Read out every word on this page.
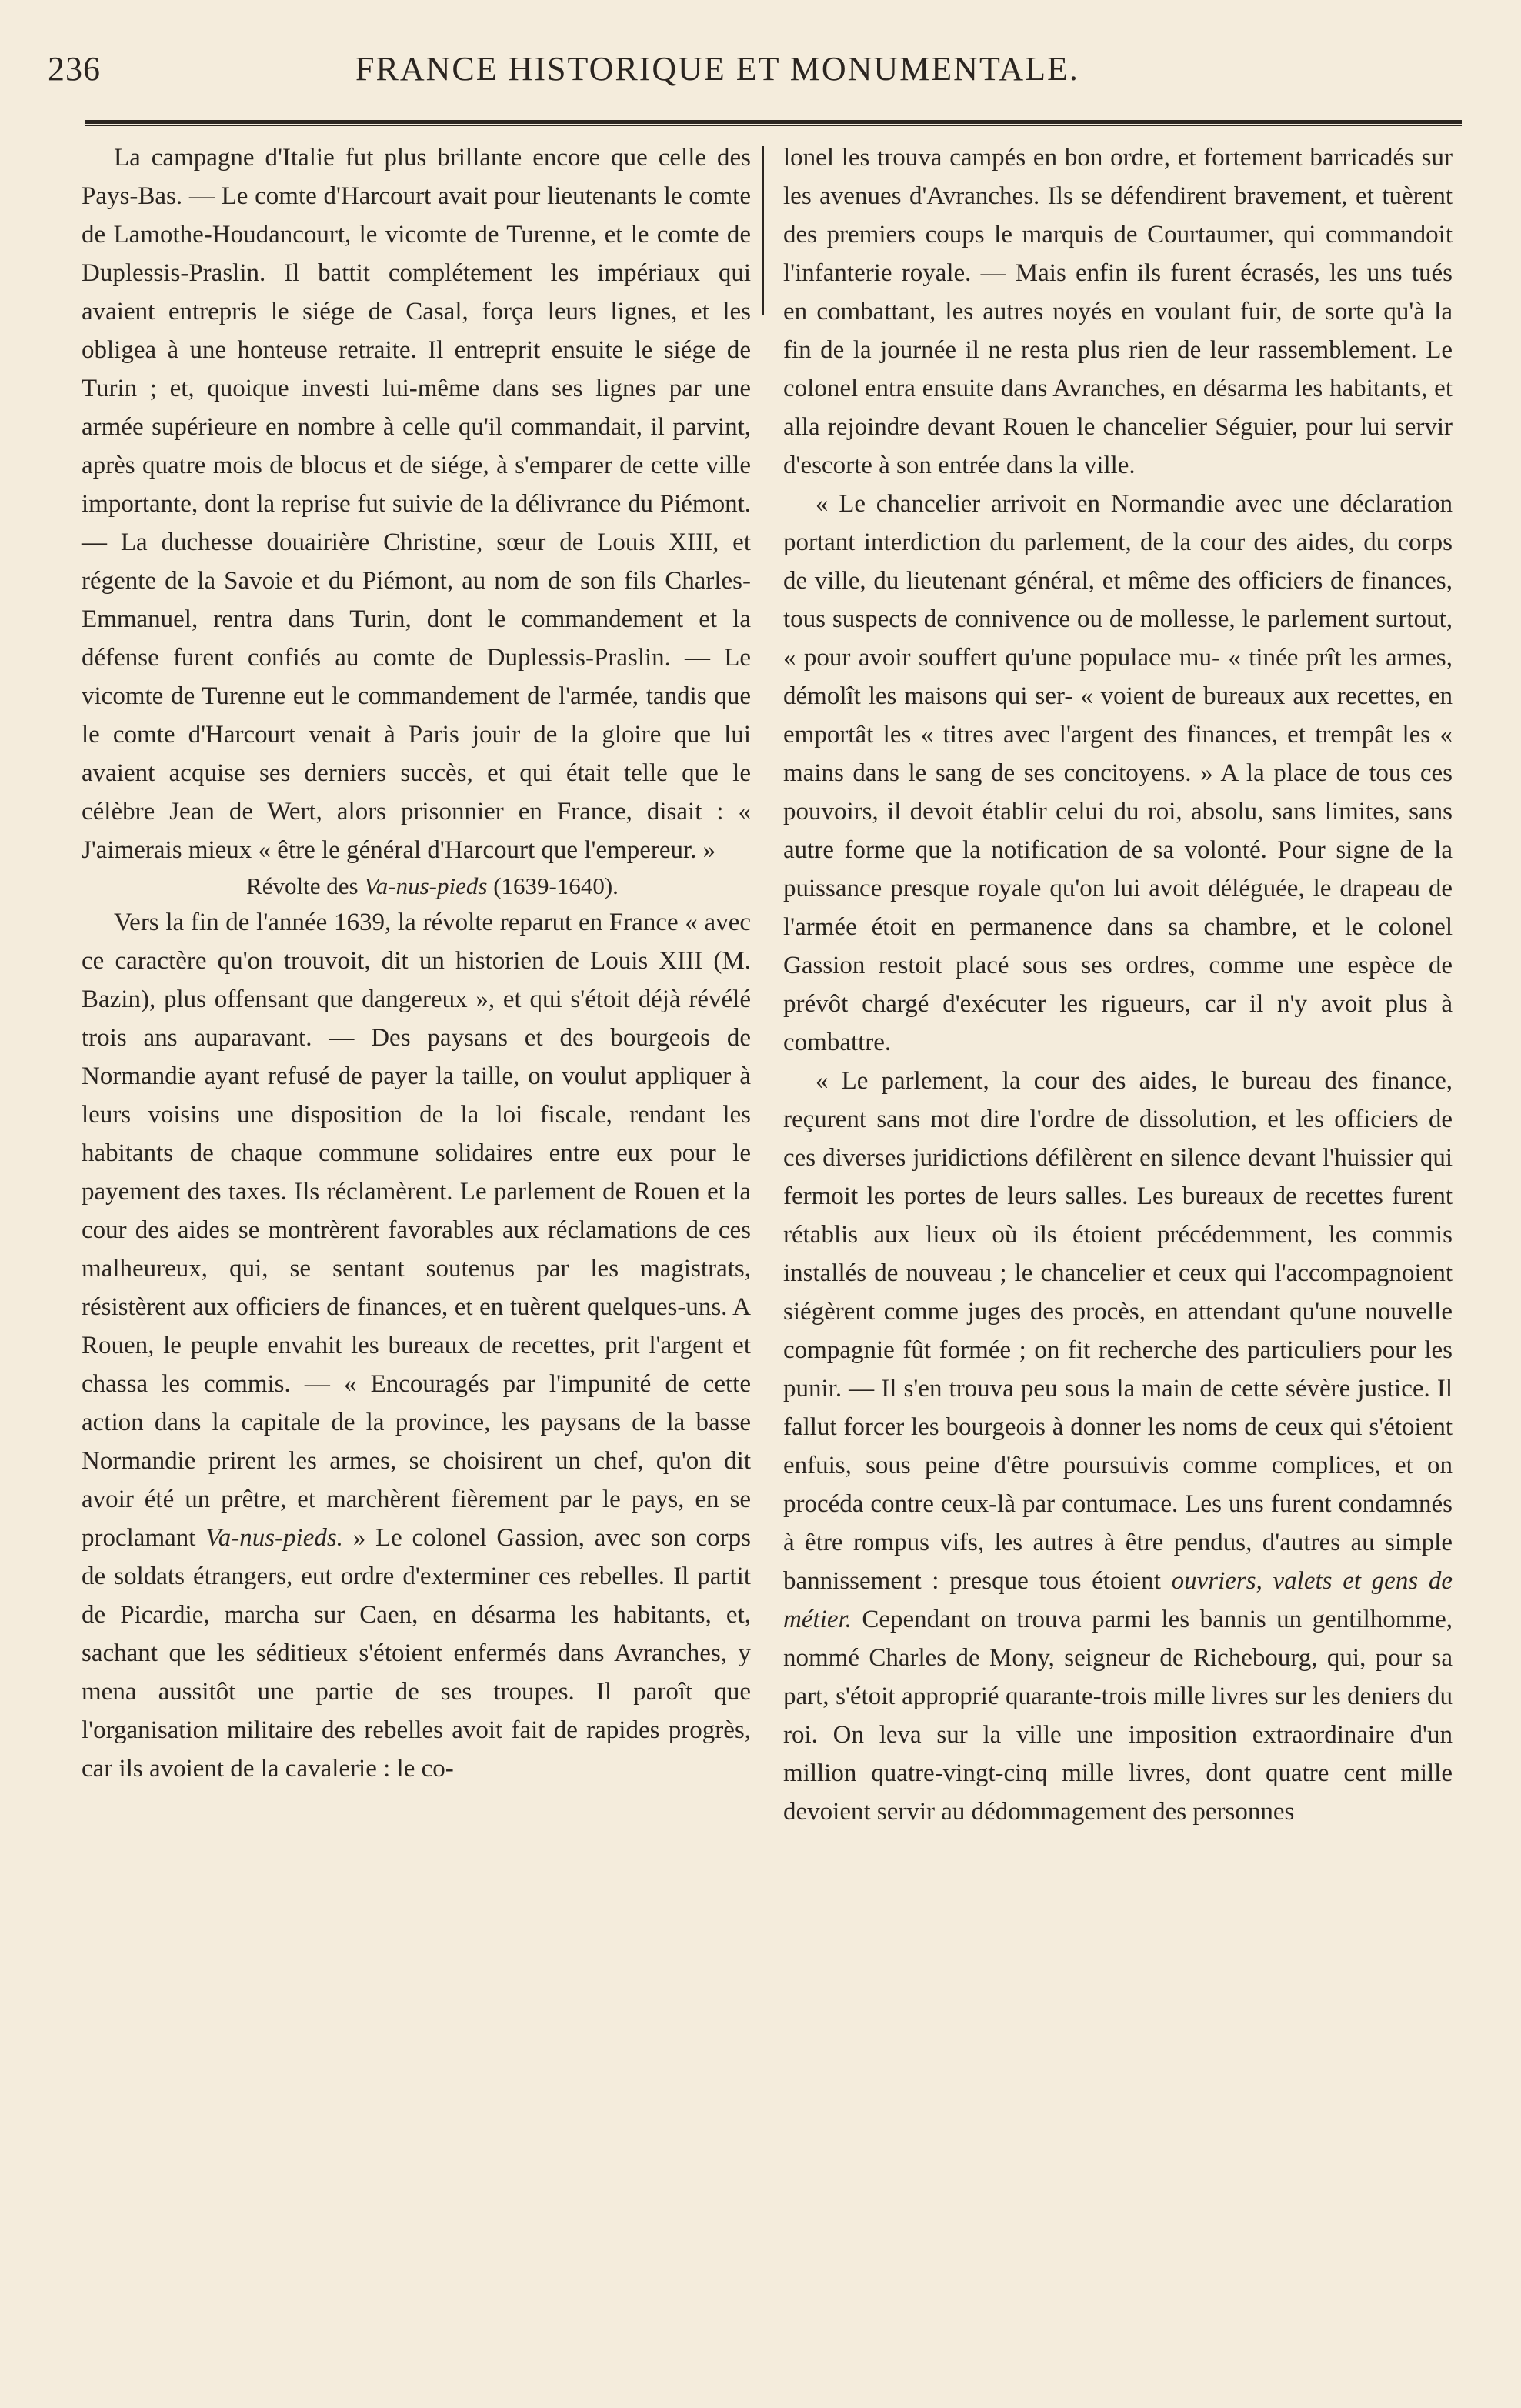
236	FRANCE HISTORIQUE ET MONUMENTALE.

La campagne d'Italie fut plus brillante encore que celle des Pays-Bas. — Le comte d'Harcourt avait pour lieutenants le comte de Lamothe-Houdancourt, le vicomte de Turenne, et le comte de Duplessis-Praslin. Il battit complétement les impériaux qui avaient entrepris le siége de Casal, força leurs lignes, et les obligea à une honteuse retraite. Il entreprit ensuite le siége de Turin ; et, quoique investi lui-même dans ses lignes par une armée supérieure en nombre à celle qu'il commandait, il parvint, après quatre mois de blocus et de siége, à s'emparer de cette ville importante, dont la reprise fut suivie de la délivrance du Piémont. — La duchesse douairière Christine, sœur de Louis XIII, et régente de la Savoie et du Piémont, au nom de son fils Charles-Emmanuel, rentra dans Turin, dont le commandement et la défense furent confiés au comte de Duplessis-Praslin. — Le vicomte de Turenne eut le commandement de l'armée, tandis que le comte d'Harcourt venait à Paris jouir de la gloire que lui avaient acquise ses derniers succès, et qui était telle que le célèbre Jean de Wert, alors prisonnier en France, disait : « J'aimerais mieux « être le général d'Harcourt que l'empereur. »

Révolte des Va-nus-pieds (1639-1640).

Vers la fin de l'année 1639, la révolte reparut en France « avec ce caractère qu'on trouvoit, dit un historien de Louis XIII (M. Bazin), plus offensant que dangereux », et qui s'étoit déjà révélé trois ans auparavant. — Des paysans et des bourgeois de Normandie ayant refusé de payer la taille, on voulut appliquer à leurs voisins une disposition de la loi fiscale, rendant les habitants de chaque commune solidaires entre eux pour le payement des taxes. Ils réclamèrent. Le parlement de Rouen et la cour des aides se montrèrent favorables aux réclamations de ces malheureux, qui, se sentant soutenus par les magistrats, résistèrent aux officiers de finances, et en tuèrent quelques-uns. A Rouen, le peuple envahit les bureaux de recettes, prit l'argent et chassa les commis. — « Encouragés par l'impunité de cette action dans la capitale de la province, les paysans de la basse Normandie prirent les armes, se choisirent un chef, qu'on dit avoir été un prêtre, et marchèrent fièrement par le pays, en se proclamant Va-nus-pieds. » Le colonel Gassion, avec son corps de soldats étrangers, eut ordre d'exterminer ces rebelles. Il partit de Picardie, marcha sur Caen, en désarma les habitants, et, sachant que les séditieux s'étoient enfermés dans Avranches, y mena aussitôt une partie de ses troupes. Il paroît que l'organisation militaire des rebelles avoit fait de rapides progrès, car ils avoient de la cavalerie : le co-

lonel les trouva campés en bon ordre, et fortement barricadés sur les avenues d'Avranches. Ils se défendirent bravement, et tuèrent des premiers coups le marquis de Courtaumer, qui commandoit l'infanterie royale. — Mais enfin ils furent écrasés, les uns tués en combattant, les autres noyés en voulant fuir, de sorte qu'à la fin de la journée il ne resta plus rien de leur rassemblement. Le colonel entra ensuite dans Avranches, en désarma les habitants, et alla rejoindre devant Rouen le chancelier Séguier, pour lui servir d'escorte à son entrée dans la ville.

« Le chancelier arrivoit en Normandie avec une déclaration portant interdiction du parlement, de la cour des aides, du corps de ville, du lieutenant général, et même des officiers de finances, tous suspects de connivence ou de mollesse, le parlement surtout, « pour avoir souffert qu'une populace mu- « tinée prît les armes, démolît les maisons qui ser- « voient de bureaux aux recettes, en emportât les « titres avec l'argent des finances, et trempât les « mains dans le sang de ses concitoyens. » A la place de tous ces pouvoirs, il devoit établir celui du roi, absolu, sans limites, sans autre forme que la notification de sa volonté. Pour signe de la puissance presque royale qu'on lui avoit déléguée, le drapeau de l'armée étoit en permanence dans sa chambre, et le colonel Gassion restoit placé sous ses ordres, comme une espèce de prévôt chargé d'exécuter les rigueurs, car il n'y avoit plus à combattre.

« Le parlement, la cour des aides, le bureau des finance, reçurent sans mot dire l'ordre de dissolution, et les officiers de ces diverses juridictions défilèrent en silence devant l'huissier qui fermoit les portes de leurs salles. Les bureaux de recettes furent rétablis aux lieux où ils étoient précédemment, les commis installés de nouveau ; le chancelier et ceux qui l'accompagnoient siégèrent comme juges des procès, en attendant qu'une nouvelle compagnie fût formée ; on fit recherche des particuliers pour les punir. — Il s'en trouva peu sous la main de cette sévère justice. Il fallut forcer les bourgeois à donner les noms de ceux qui s'étoient enfuis, sous peine d'être poursuivis comme complices, et on procéda contre ceux-là par contumace. Les uns furent condamnés à être rompus vifs, les autres à être pendus, d'autres au simple bannissement : presque tous étoient ouvriers, valets et gens de métier. Cependant on trouva parmi les bannis un gentilhomme, nommé Charles de Mony, seigneur de Richebourg, qui, pour sa part, s'étoit approprié quarante-trois mille livres sur les deniers du roi. On leva sur la ville une imposition extraordinaire d'un million quatre-vingt-cinq mille livres, dont quatre cent mille devoient servir au dédommagement des personnes
